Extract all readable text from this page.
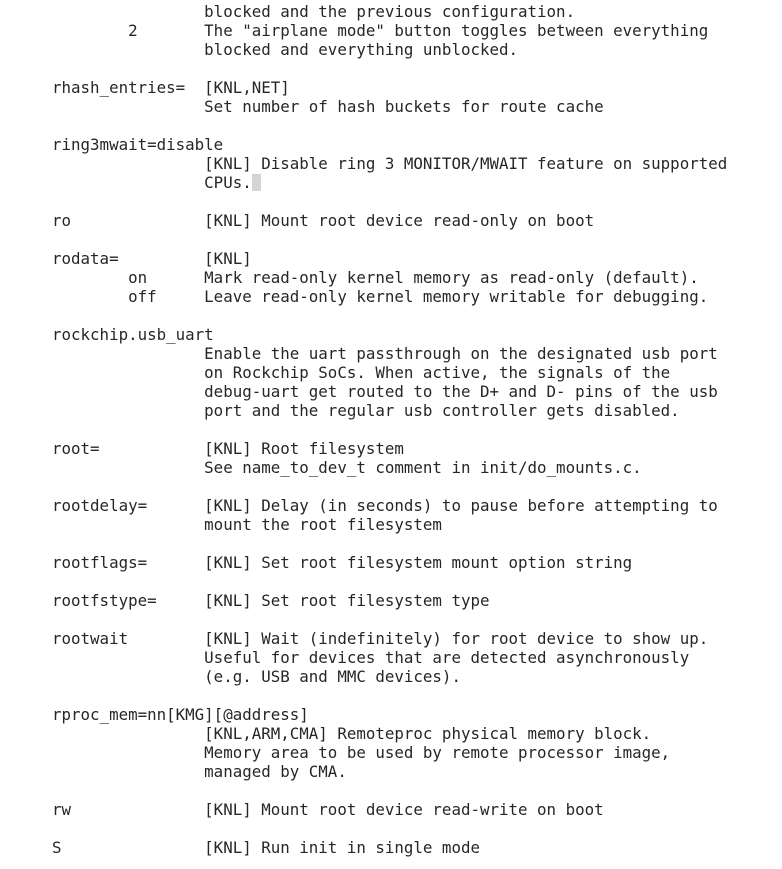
blocked and the previous configuration.
2       The "airplane mode" button toggles between everything
blocked and everything unblocked.
rhash_entries=  [KNL,NET]
Set number of hash buckets for route cache
ring3mwait=disable
[KNL] Disable ring 3 MONITOR/MWAIT feature on supported
CPUs.
ro              [KNL] Mount root device read-only on boot
rodata=         [KNL]
on      Mark read-only kernel memory as read-only (default).
off     Leave read-only kernel memory writable for debugging.
rockchip.usb_uart
Enable the uart passthrough on the designated usb port
on Rockchip SoCs. When active, the signals of the
debug-uart get routed to the D+ and D- pins of the usb
port and the regular usb controller gets disabled.
root=           [KNL] Root filesystem
See name_to_dev_t comment in init/do_mounts.c.
rootdelay=      [KNL] Delay (in seconds) to pause before attempting to
mount the root filesystem
rootflags=      [KNL] Set root filesystem mount option string
rootfstype=     [KNL] Set root filesystem type
rootwait        [KNL] Wait (indefinitely) for root device to show up.
Useful for devices that are detected asynchronously
(e.g. USB and MMC devices).
rproc_mem=nn[KMG][@address]
[KNL,ARM,CMA] Remoteproc physical memory block.
Memory area to be used by remote processor image,
managed by CMA.
rw              [KNL] Mount root device read-write on boot
S               [KNL] Run init in single mode
